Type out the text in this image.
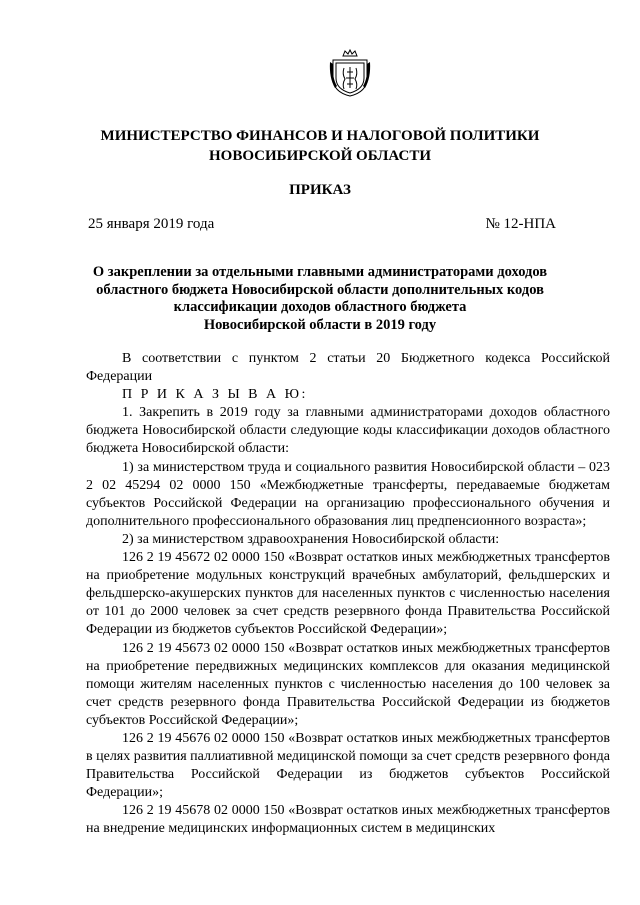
МИНИСТЕРСТВО ФИНАНСОВ И НАЛОГОВОЙ ПОЛИТИКИ
НОВОСИБИРСКОЙ ОБЛАСТИ
ПРИКАЗ
25 января 2019 года	№ 12-НПА
О закреплении за отдельными главными администраторами доходов
областного бюджета Новосибирской области дополнительных кодов
классификации доходов областного бюджета
Новосибирской области в 2019 году

В соответствии с пунктом 2 статьи 20 Бюджетного кодекса Российской Федерации

П Р И К А З Ы В А Ю:

1. Закрепить в 2019 году за главными администраторами доходов областного бюджета Новосибирской области следующие коды классификации доходов областного бюджета Новосибирской области:

1) за министерством труда и социального развития Новосибирской области – 023 2 02 45294 02 0000 150 «Межбюджетные трансферты, передаваемые бюджетам субъектов Российской Федерации на организацию профессионального обучения и дополнительного профессионального образования лиц предпенсионного возраста»;

2) за министерством здравоохранения Новосибирской области:

126 2 19 45672 02 0000 150 «Возврат остатков иных межбюджетных трансфертов на приобретение модульных конструкций врачебных амбулаторий, фельдшерских и фельдшерско-акушерских пунктов для населенных пунктов с численностью населения от 101 до 2000 человек за счет средств резервного фонда Правительства Российской Федерации из бюджетов субъектов Российской Федерации»;

126 2 19 45673 02 0000 150 «Возврат остатков иных межбюджетных трансфертов на приобретение передвижных медицинских комплексов для оказания медицинской помощи жителям населенных пунктов с численностью населения до 100 человек за счет средств резервного фонда Правительства Российской Федерации из бюджетов субъектов Российской Федерации»;

126 2 19 45676 02 0000 150 «Возврат остатков иных межбюджетных трансфертов в целях развития паллиативной медицинской помощи за счет средств резервного фонда Правительства Российской Федерации из бюджетов субъектов Российской Федерации»;

126 2 19 45678 02 0000 150 «Возврат остатков иных межбюджетных трансфертов на внедрение медицинских информационных систем в медицинских
